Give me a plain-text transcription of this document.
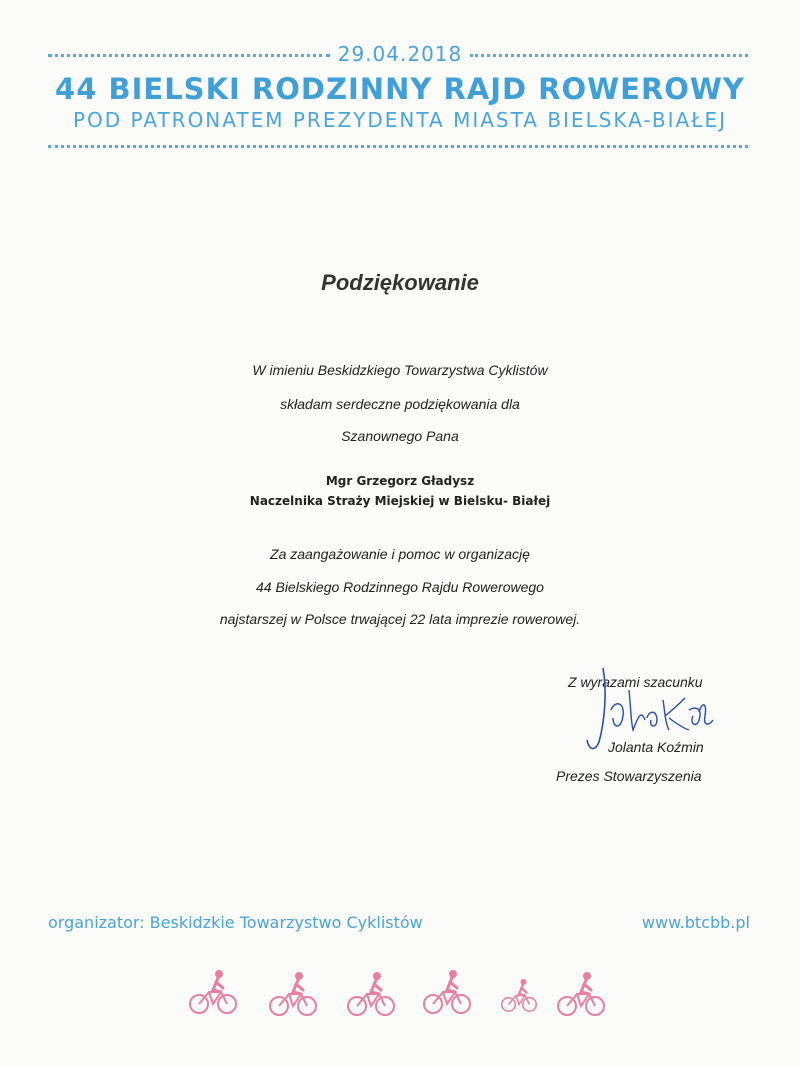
29.04.2018
44 BIELSKI RODZINNY RAJD ROWEROWY
POD PATRONATEM PREZYDENTA MIASTA BIELSKA-BIAŁEJ
Podziękowanie
W imieniu Beskidzkiego Towarzystwa Cyklistów
składam serdeczne podziękowania dla
Szanownego Pana
Mgr Grzegorz Gładysz
Naczelnika Straży Miejskiej w Bielsku- Białej
Za zaangażowanie i pomoc w organizację
44 Bielskiego Rodzinnego Rajdu Rowerowego
najstarszej w Polsce trwającej 22 lata imprezie rowerowej.
Z wyrazami szacunku
Jolanta Koźmin
Prezes Stowarzyszenia
organizator: Beskidzkie Towarzystwo Cyklistów	www.btcbb.pl
